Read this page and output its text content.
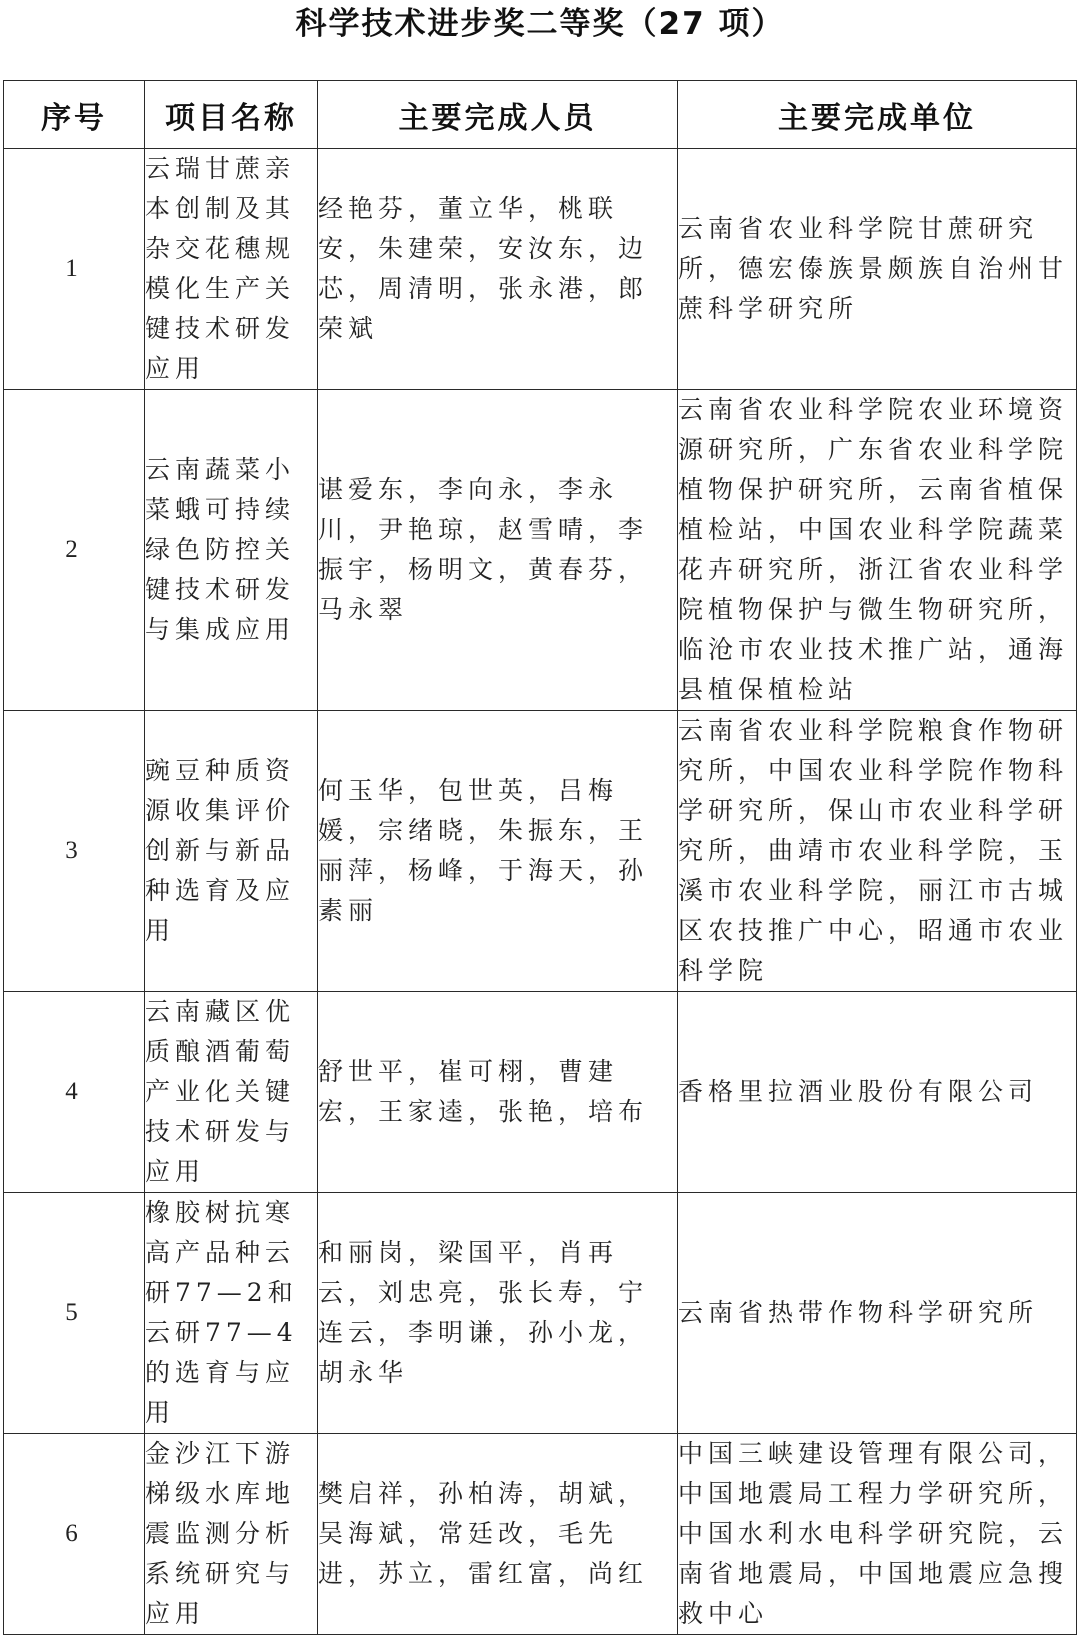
科学技术进步奖二等奖（27 项）
序号	项目名称	主要完成人员	主要完成单位
1	云瑞甘蔗亲本创制及其杂交花穗规模化生产关键技术研发应用	经艳芬，董立华，桃联安，朱建荣，安汝东，边芯，周清明，张永港，郎荣斌	云南省农业科学院甘蔗研究所，德宏傣族景颇族自治州甘蔗科学研究所

2	云南蔬菜小菜蛾可持续绿色防控关键技术研发与集成应用	谌爱东，李向永，李永川，尹艳琼，赵雪晴，李振宇，杨明文，黄春芬，马永翠	云南省农业科学院农业环境资源研究所，广东省农业科学院植物保护研究所，云南省植保植检站，中国农业科学院蔬菜花卉研究所，浙江省农业科学院植物保护与微生物研究所，临沧市农业技术推广站，通海县植保植检站

3	豌豆种质资源收集评价创新与新品种选育及应用	何玉华，包世英，吕梅媛，宗绪晓，朱振东，王丽萍，杨峰，于海天，孙素丽	云南省农业科学院粮食作物研究所，中国农业科学院作物科学研究所，保山市农业科学研究所，曲靖市农业科学院，玉溪市农业科学院，丽江市古城区农技推广中心，昭通市农业科学院

4	云南藏区优质酿酒葡萄产业化关键技术研发与应用	舒世平，崔可栩，曹建宏，王家逵，张艳，培布	香格里拉酒业股份有限公司

5	橡胶树抗寒高产品种云研77—2和云研77—4的选育与应用	和丽岗，梁国平，肖再云，刘忠亮，张长寿，宁连云，李明谦，孙小龙，胡永华	云南省热带作物科学研究所

6	金沙江下游梯级水库地震监测分析系统研究与应用	樊启祥，孙柏涛，胡斌，吴海斌，常廷改，毛先进，苏立，雷红富，尚红	中国三峡建设管理有限公司，中国地震局工程力学研究所，中国水利水电科学研究院，云南省地震局，中国地震应急搜救中心
